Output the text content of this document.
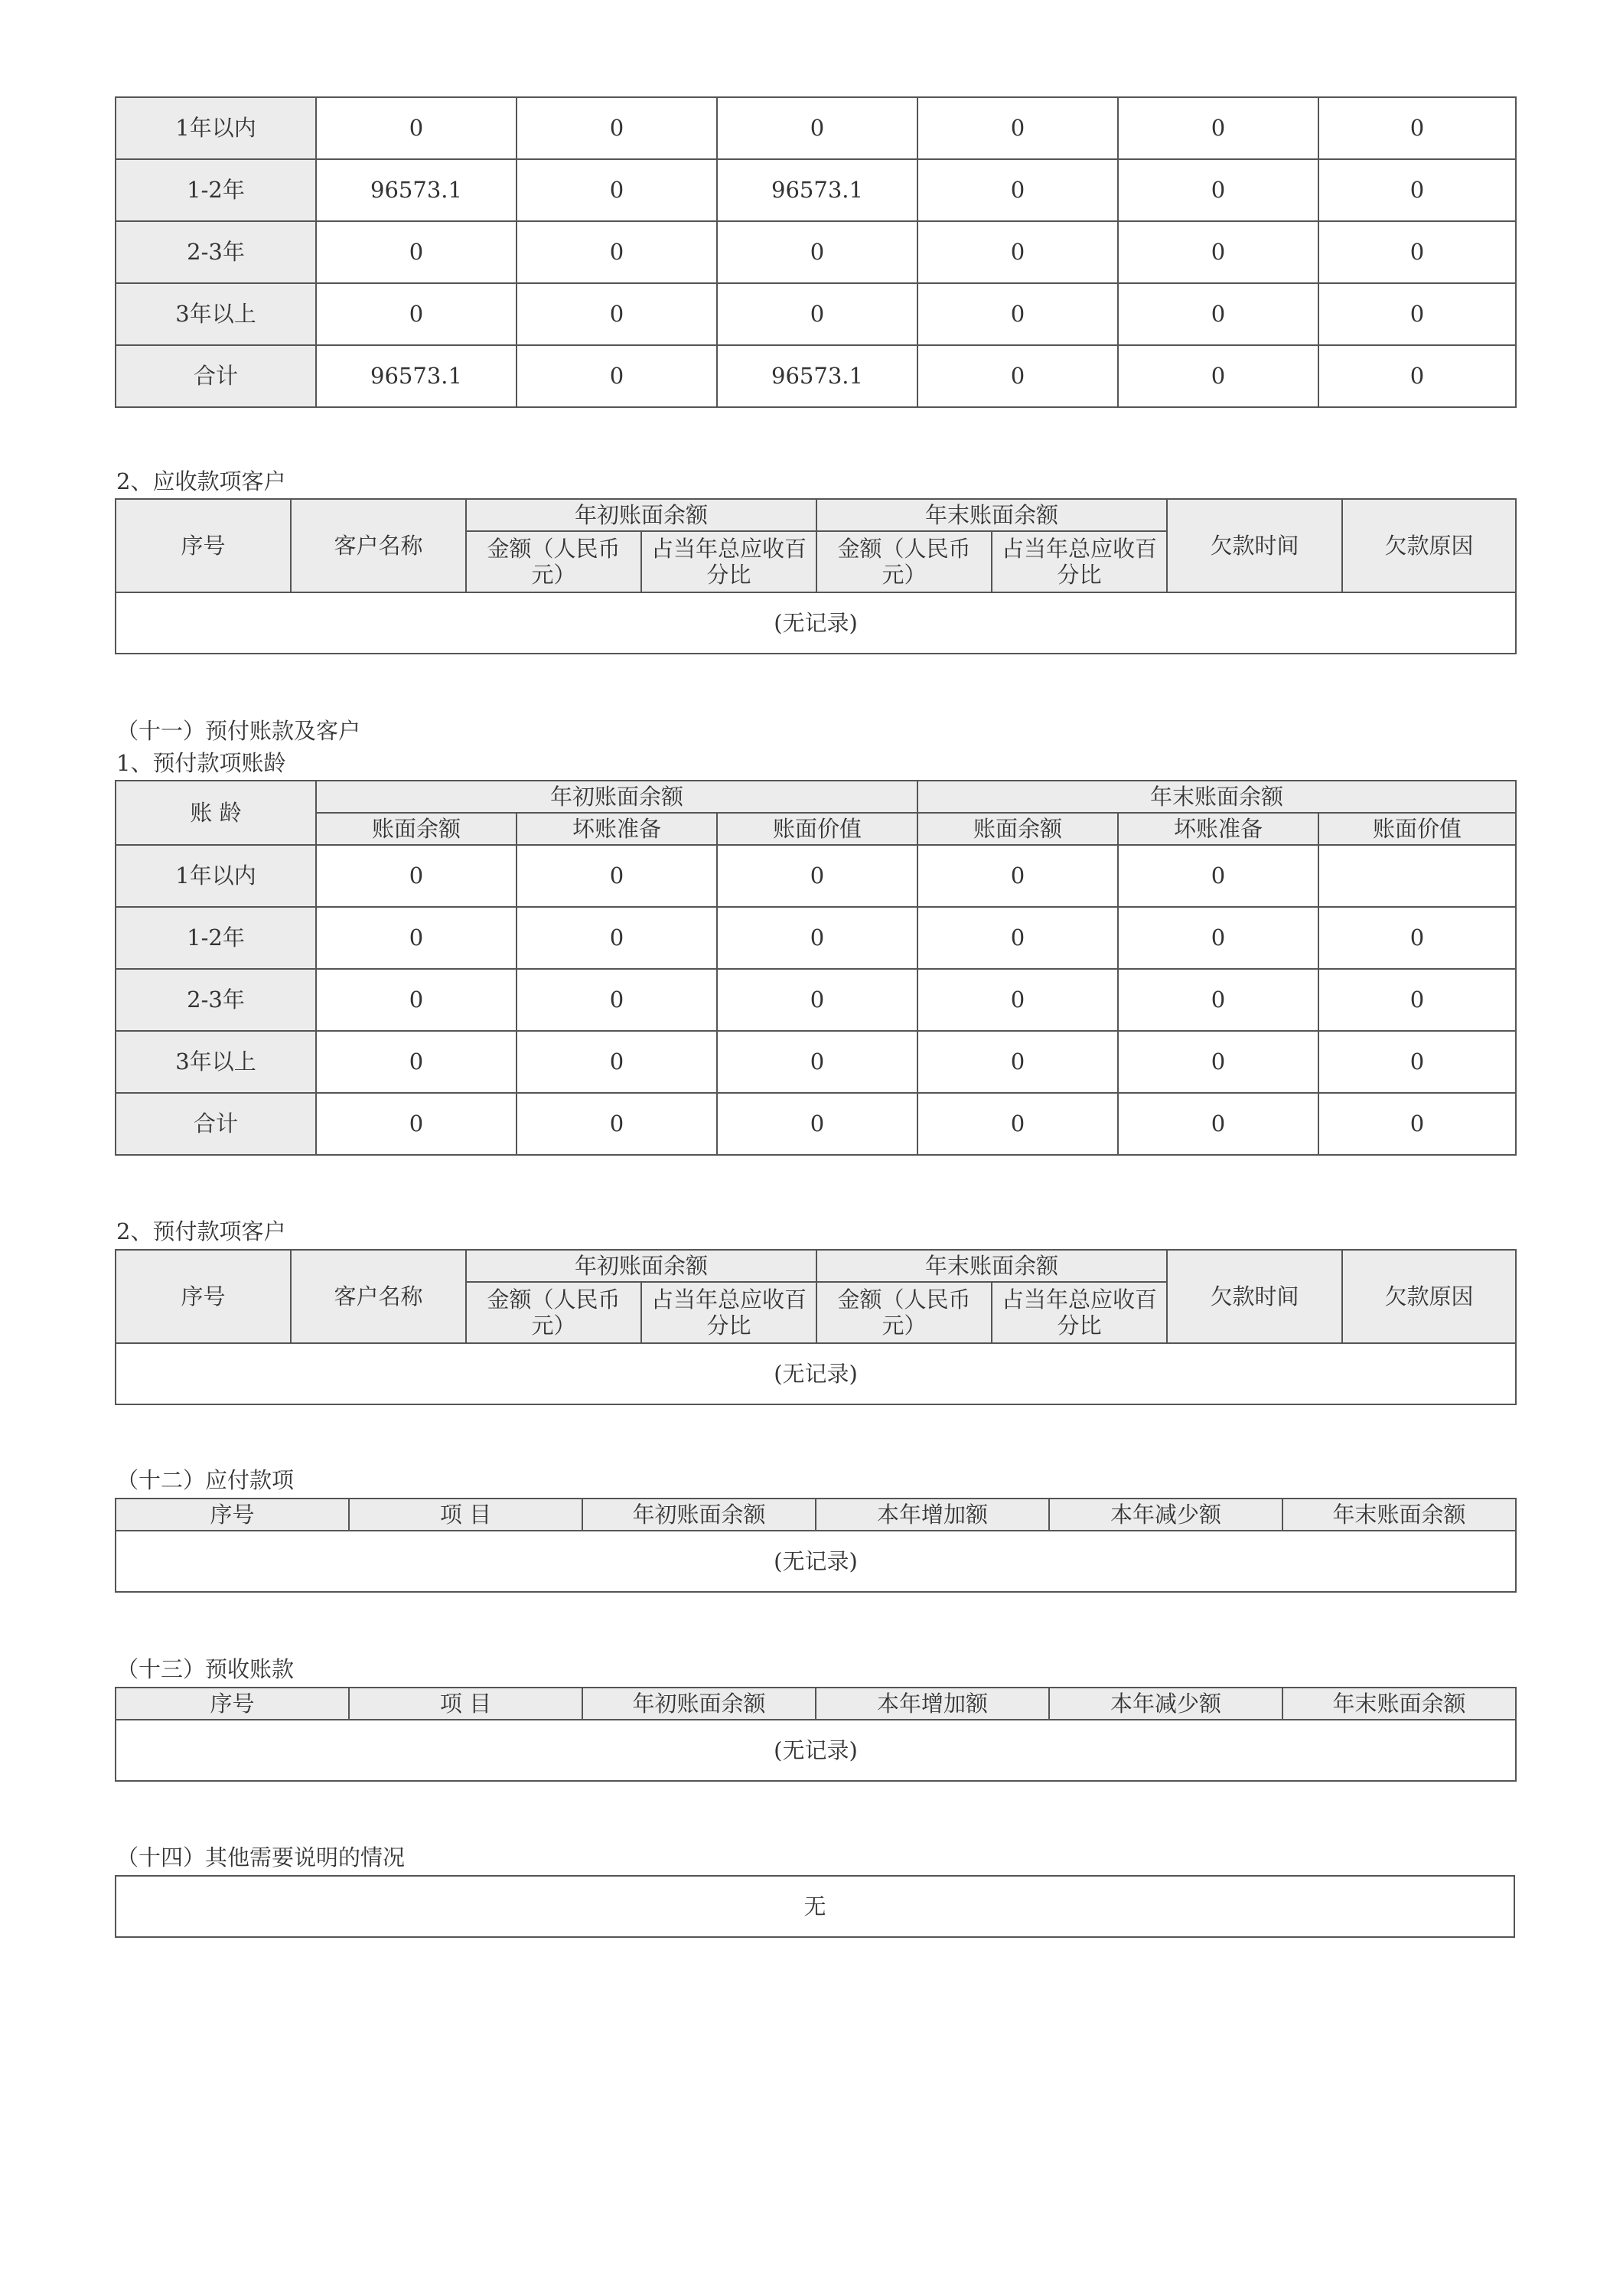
1年以内	0	0	0	0	0	0
1-2年	96573.1	0	96573.1	0	0	0
2-3年	0	0	0	0	0	0
3年以上	0	0	0	0	0	0
合计	96573.1	0	96573.1	0	0	0
2、应收款项客户
序号	客户名称	年初账面余额		年末账面余额		欠款时间	欠款原因
		金额（人民币元）	占当年总应收百分比	金额（人民币元）	占当年总应收百分比		
(无记录)							
（十一）预付账款及客户
1、预付款项账龄
账 龄	年初账面余额			年末账面余额		
	账面余额	坏账准备	账面价值	账面余额	坏账准备	账面价值
1年以内	0	0	0	0	0	
1-2年	0	0	0	0	0	0
2-3年	0	0	0	0	0	0
3年以上	0	0	0	0	0	0
合计	0	0	0	0	0	0
2、预付款项客户
序号	客户名称	年初账面余额		年末账面余额		欠款时间	欠款原因
		金额（人民币元）	占当年总应收百分比	金额（人民币元）	占当年总应收百分比		
(无记录)							
（十二）应付款项
序号	项 目	年初账面余额	本年增加额	本年减少额	年末账面余额
(无记录)
（十三）预收账款
序号	项 目	年初账面余额	本年增加额	本年减少额	年末账面余额
(无记录)
（十四）其他需要说明的情况
无
